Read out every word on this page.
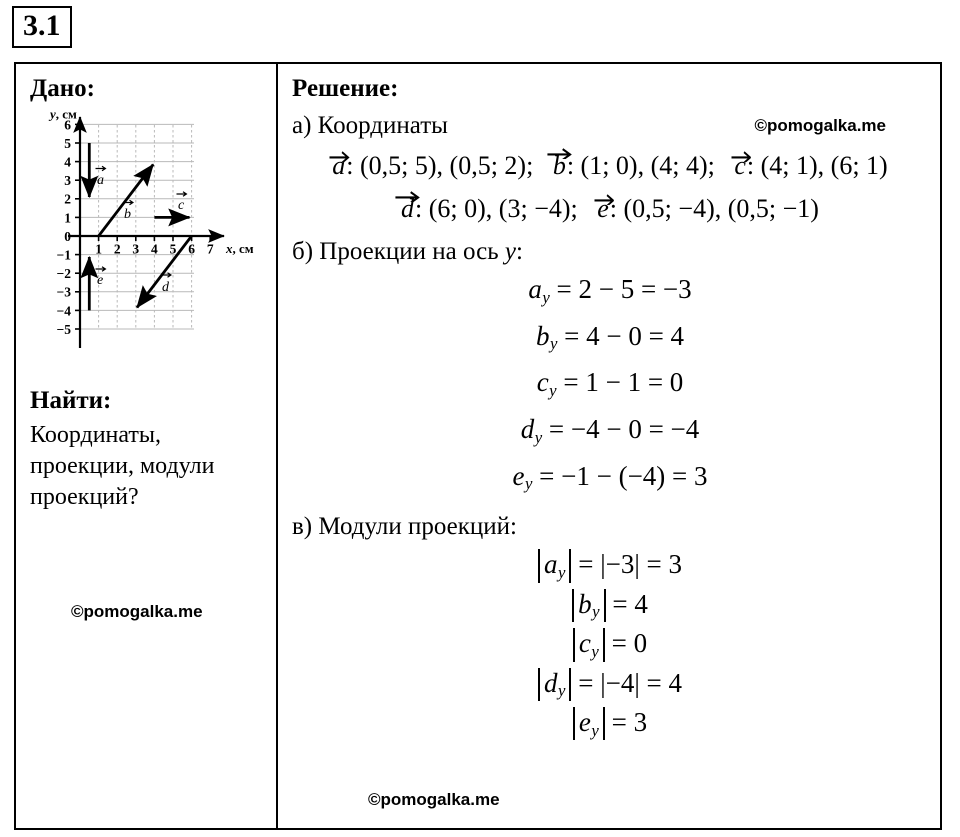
3.1
Дано:
6
5
4
3
2
1
0
−1
−2
−3
−4
−5
1 2 3 4 5 6 7
y, см
x, см
a
b
c
d
e
Найти:
Координаты, проекции, модули проекций?
©pomogalka.me
Решение:
©pomogalka.me
а) Координаты
a: (0,5; 5), (0,5; 2); b: (1; 0), (4; 4); c: (4; 1), (6; 1)
d: (6; 0), (3; −4); e: (0,5; −4), (0,5; −1)
б) Проекции на ось y:
$a_y = 2 - 5 = -3$
$b_y = 4 - 0 = 4$
$c_y = 1 - 1 = 0$
$d_y = -4 - 0 = -4$
$e_y = -1 - (-4) = 3$
в) Модули проекций:
$a_y = |-3| = 3$
$b_y = 4$
$c_y = 0$
$d_y = |-4| = 4$
$e_y = 3$
©pomogalka.me
